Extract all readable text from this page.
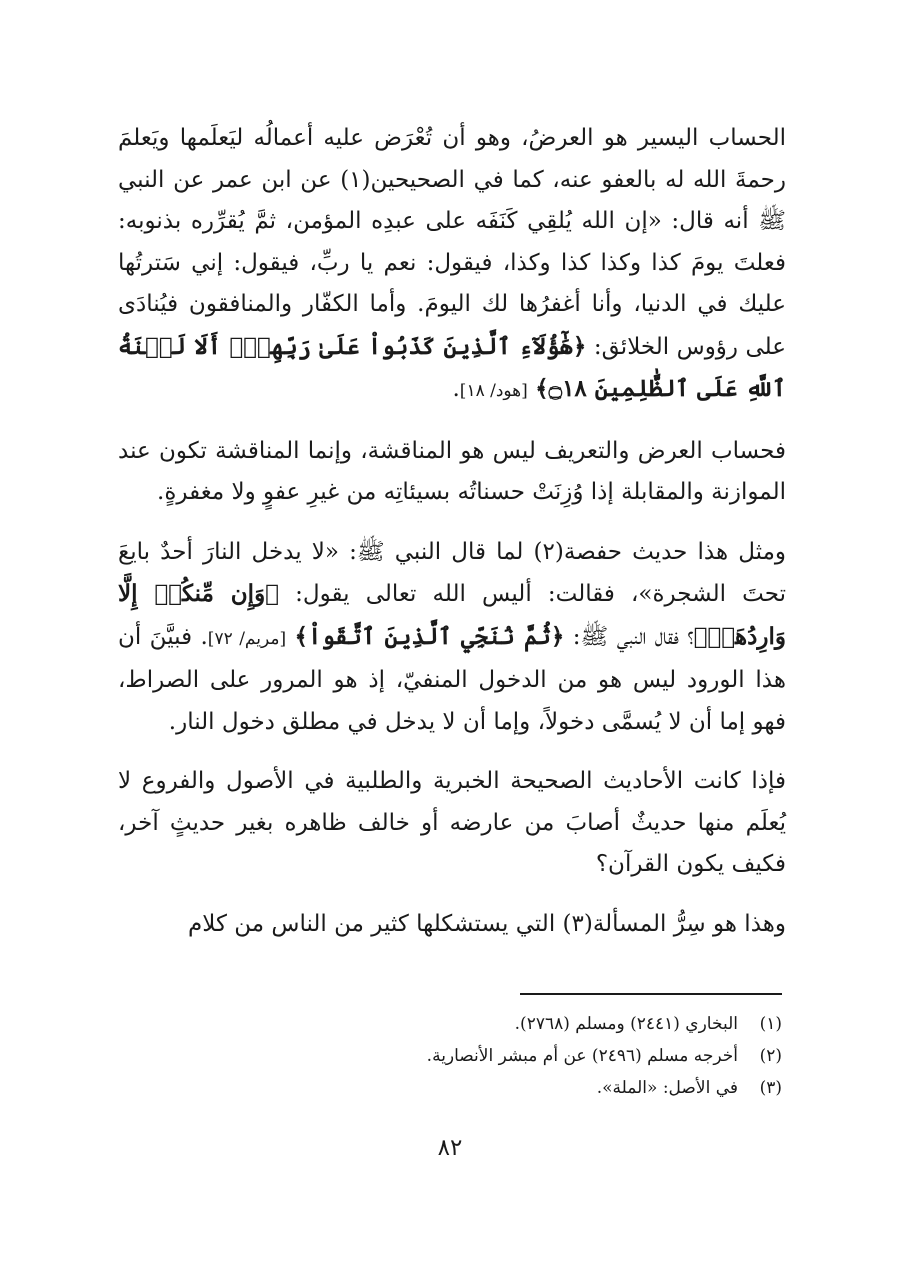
الحساب اليسير هو العرضُ، وهو أن تُعْرَض عليه أعمالُه ليَعلَمها ويَعلمَ رحمةَ الله له بالعفو عنه، كما في الصحيحين(١) عن ابن عمر عن النبي ﷺ أنه قال: «إن الله يُلقِي كَنَفَه على عبدِه المؤمن، ثمَّ يُقرِّره بذنوبه: فعلتَ يومَ كذا وكذا كذا وكذا، فيقول: نعم يا ربِّ، فيقول: إني سَترتُها عليك في الدنيا، وأنا أغفرُها لك اليومَ. وأما الكفّار والمنافقون فيُنادَى على رؤوس الخلائق: ﴿هَٰٓؤُلَآءِ ٱلَّذِينَ كَذَبُواْ عَلَىٰ رَبِّهِمْۚ أَلَا لَعۡنَةُ ٱللَّهِ عَلَى ٱلظَّٰلِمِينَ ۝١٨﴾ [هود/ ١٨].

فحساب العرض والتعريف ليس هو المناقشة، وإنما المناقشة تكون عند الموازنة والمقابلة إذا وُزِنَتْ حسناتُه بسيئاتِه من غيرِ عفوٍ ولا مغفرةٍ.

ومثل هذا حديث حفصة(٢) لما قال النبي ﷺ: «لا يدخل النارَ أحدٌ بايعَ تحتَ الشجرة»، فقالت: أليس الله تعالى يقول: ﴿وَإِن مِّنكُمۡ إِلَّا وَارِدُهَاۚ﴾؟ فقال النبي ﷺ: ﴿ثُمَّ نُنَجِّي ٱلَّذِينَ ٱتَّقَواْ﴾ [مريم/ ٧٢]. فبيَّنَ أن هذا الورود ليس هو من الدخول المنفيّ، إذ هو المرور على الصراط، فهو إما أن لا يُسمَّى دخولاً، وإما أن لا يدخل في مطلق دخول النار.

فإذا كانت الأحاديث الصحيحة الخبرية والطلبية في الأصول والفروع لا يُعلَم منها حديثٌ أصابَ من عارضه أو خالف ظاهره بغير حديثٍ آخر، فكيف يكون القرآن؟

وهذا هو سِرُّ المسألة(٣) التي يستشكلها كثير من الناس من كلام

(١)
البخاري (٢٤٤١) ومسلم (٢٧٦٨).
(٢)
أخرجه مسلم (٢٤٩٦) عن أم مبشر الأنصارية.
(٣)
في الأصل: «الملة».
٨٢
